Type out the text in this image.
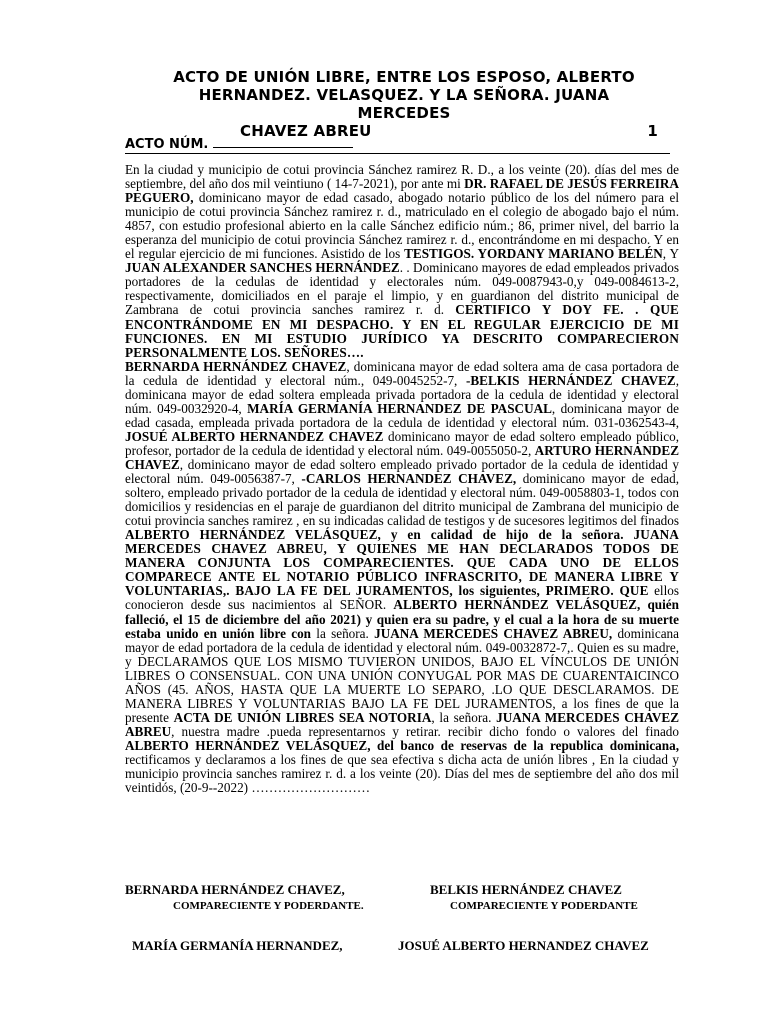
ACTO DE UNIÓN LIBRE, ENTRE LOS ESPOSO, ALBERTO
HERNANDEZ. VELASQUEZ. Y LA SEÑORA. JUANA
MERCEDES
CHAVEZ ABREU	1
ACTO NÚM.
En la ciudad y municipio de cotui provincia Sánchez ramirez R. D., a los veinte (20). días del mes de septiembre, del año dos mil veintiuno ( 14-7-2021), por ante mi DR. RAFAEL DE JESÚS FERREIRA PEGUERO, dominicano mayor de edad casado, abogado notario público de los del número para el municipio de cotui provincia Sánchez ramirez r. d., matriculado en el colegio de abogado bajo el núm. 4857, con estudio profesional abierto en la calle Sánchez edificio núm.; 86, primer nivel, del barrio la esperanza del municipio de cotui provincia Sánchez ramirez r. d., encontrándome en mi despacho. Y en el regular ejercicio de mi funciones. Asistido de los TESTIGOS. YORDANY MARIANO BELÉN, Y JUAN ALEXANDER SANCHES HERNÁNDEZ. . Dominicano mayores de edad empleados privados portadores de la cedulas de identidad y electorales núm. 049-0087943-0,y 049-0084613-2, respectivamente, domiciliados en el paraje el limpio, y en guardianon del distrito municipal de Zambrana de cotui provincia sanches ramirez r. d. CERTIFICO Y DOY FE. . QUE ENCONTRÁNDOME EN MI DESPACHO. Y EN EL REGULAR EJERCICIO DE MI FUNCIONES. EN MI ESTUDIO JURÍDICO YA DESCRITO COMPARECIERON PERSONALMENTE LOS. SEÑORES….
BERNARDA HERNÁNDEZ CHAVEZ, dominicana mayor de edad soltera ama de casa portadora de la cedula de identidad y electoral núm., 049-0045252-7, -BELKIS HERNÁNDEZ CHAVEZ, dominicana mayor de edad soltera empleada privada portadora de la cedula de identidad y electoral núm. 049-0032920-4, MARÍA GERMANÍA HERNANDEZ DE PASCUAL, dominicana mayor de edad casada, empleada privada portadora de la cedula de identidad y electoral núm. 031-0362543-4, JOSUÉ ALBERTO HERNANDEZ CHAVEZ dominicano mayor de edad soltero empleado público, profesor, portador de la cedula de identidad y electoral núm. 049-0055050-2, ARTURO HERNANDEZ CHAVEZ, dominicano mayor de edad soltero empleado privado portador de la cedula de identidad y electoral núm. 049-0056387-7, -CARLOS HERNANDEZ CHAVEZ, dominicano mayor de edad, soltero, empleado privado portador de la cedula de identidad y electoral núm. 049-0058803-1, todos con domicilios y residencias en el paraje de guardianon del ditrito municipal de Zambrana del municipio de cotui provincia sanches ramirez , en su indicadas calidad de testigos y de sucesores legitimos del finados ALBERTO HERNÁNDEZ VELÁSQUEZ, y en calidad de hijo de la señora. JUANA MERCEDES CHAVEZ ABREU, Y QUIENES ME HAN DECLARADOS TODOS DE MANERA CONJUNTA LOS COMPARECIENTES. QUE CADA UNO DE ELLOS COMPARECE ANTE EL NOTARIO PÚBLICO INFRASCRITO, DE MANERA LIBRE Y VOLUNTARIAS,. BAJO LA FE DEL JURAMENTOS, los siguientes, PRIMERO. QUE ellos conocieron desde sus nacimientos al SEÑOR. ALBERTO HERNÁNDEZ VELÁSQUEZ, quién falleció, el 15 de diciembre del año 2021) y quien era su padre, y el cual a la hora de su muerte estaba unido en unión libre con la señora. JUANA MERCEDES CHAVEZ ABREU, dominicana mayor de edad portadora de la cedula de identidad y electoral núm. 049-0032872-7,. Quien es su madre, y DECLARAMOS QUE LOS MISMO TUVIERON UNIDOS, BAJO EL VÍNCULOS DE UNIÓN LIBRES O CONSENSUAL. CON UNA UNIÓN CONYUGAL POR MAS DE CUARENTAICINCO AÑOS (45. AÑOS, HASTA QUE LA MUERTE LO SEPARO, .LO QUE DESCLARAMOS. DE MANERA LIBRES Y VOLUNTARIAS BAJO LA FE DEL JURAMENTOS, a los fines de que la presente ACTA DE UNIÓN LIBRES SEA NOTORIA, la señora. JUANA MERCEDES CHAVEZ ABREU, nuestra madre .pueda representarnos y retirar. recibir dicho fondo o valores del finado ALBERTO HERNÁNDEZ VELÁSQUEZ, del banco de reservas de la republica dominicana, rectificamos y declaramos a los fines de que sea efectiva s dicha acta de unión libres , En la ciudad y municipio provincia sanches ramirez r. d. a los veinte (20). Días del mes de septiembre del año dos mil veintidós, (20-9--2022) ………………………
BERNARDA HERNÁNDEZ CHAVEZ,
COMPARECIENTE Y PODERDANTE.
BELKIS HERNÁNDEZ CHAVEZ
COMPARECIENTE Y PODERDANTE
MARÍA GERMANÍA HERNANDEZ,	JOSUÉ ALBERTO HERNANDEZ CHAVEZ
